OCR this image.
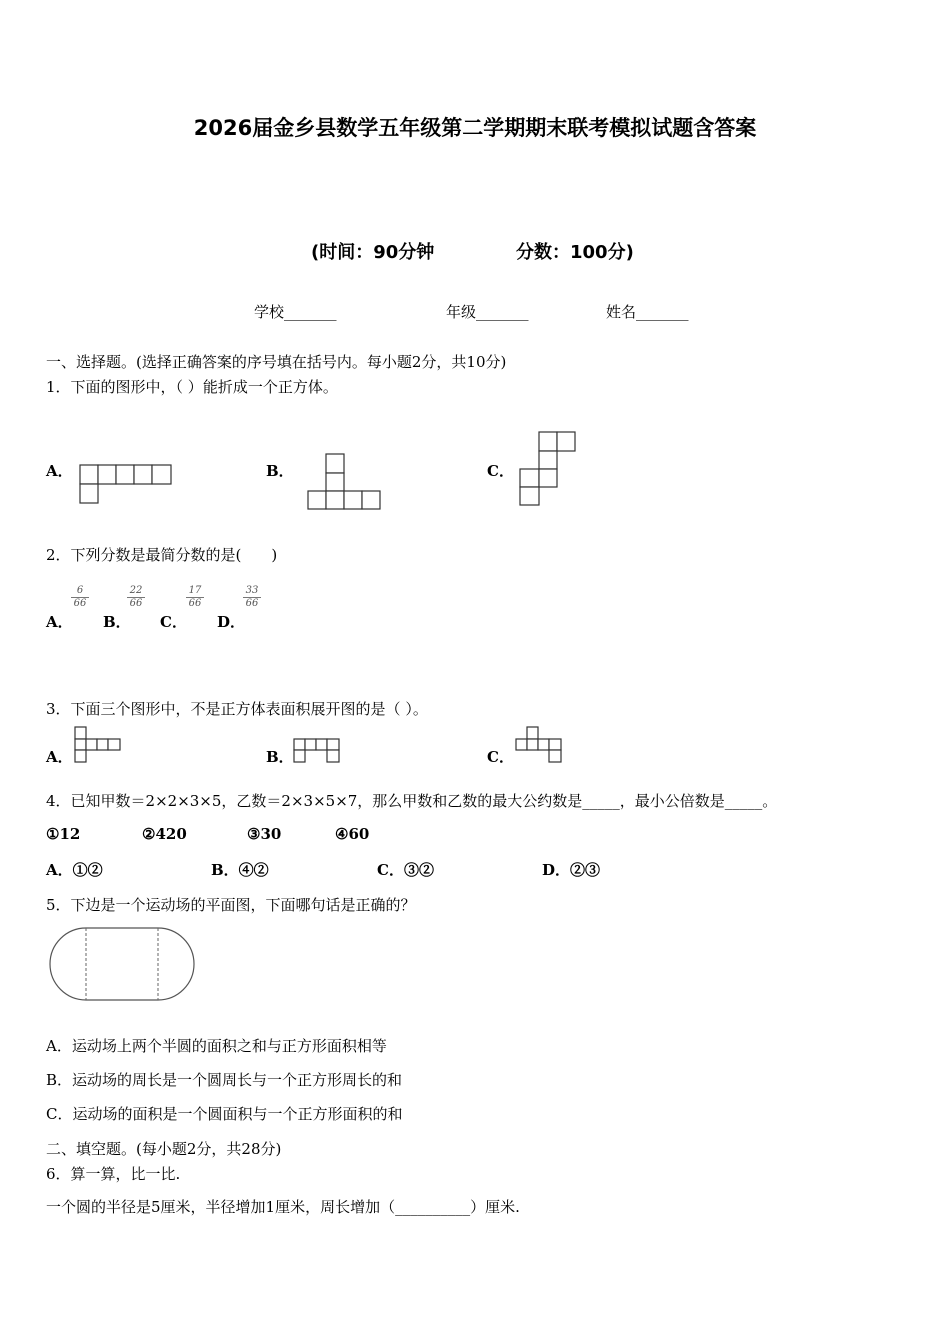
2026届金乡县数学五年级第二学期期末联考模拟试题含答案
(时间：90分钟	分数：100分)
学校_______	年级_______	姓名_______
一、选择题。(选择正确答案的序号填在括号内。每小题2分，共10分)
1．下面的图形中，（ ）能折成一个正方体。
A．	B．	C．
2．下列分数是最简分数的是(　　)
A． B． C． D．
6
66
22
66
17
66
33
66
3．下面三个图形中，不是正方体表面积展开图的是（ ）。
A．	B．	C．
4．已知甲数＝2×2×3×5，乙数＝2×3×5×7，那么甲数和乙数的最大公约数是_____，最小公倍数是_____。
①12	②420	③30	④60
A．①②	B．④②	C．③②	D．②③
5．下边是一个运动场的平面图，下面哪句话是正确的？
A．运动场上两个半圆的面积之和与正方形面积相等
B．运动场的周长是一个圆周长与一个正方形周长的和
C．运动场的面积是一个圆面积与一个正方形面积的和
二、填空题。(每小题2分，共28分)
6．算一算，比一比.
一个圆的半径是5厘米，半径增加1厘米，周长增加（__________）厘米.
